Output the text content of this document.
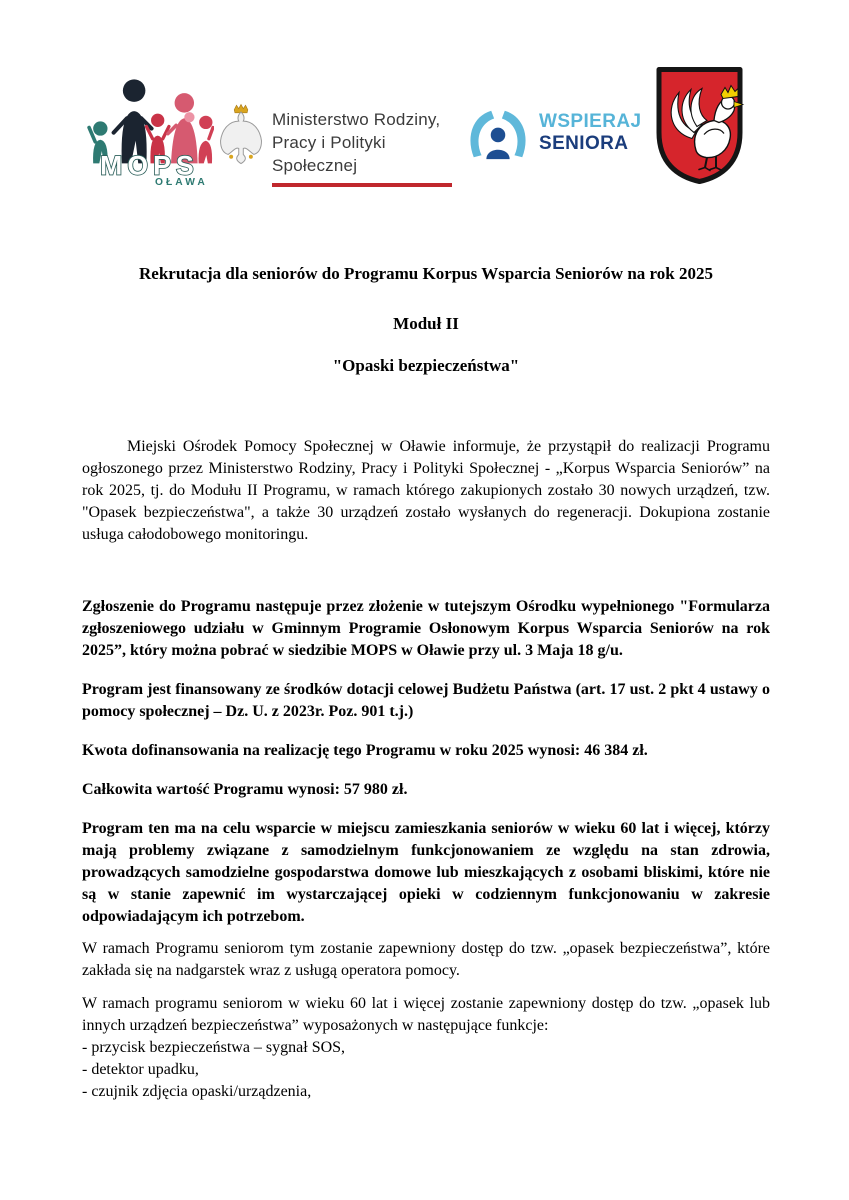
MOPS
OŁAWA
Ministerstwo Rodziny,
Pracy i Polityki Społecznej
WSPIERAJ
SENIORA

Rekrutacja dla seniorów do Programu Korpus Wsparcia Seniorów na rok 2025

Moduł II

"Opaski bezpieczeństwa"

Miejski Ośrodek Pomocy Społecznej w Oławie informuje, że przystąpił do realizacji Programu ogłoszonego przez Ministerstwo Rodziny, Pracy i Polityki Społecznej - „Korpus Wsparcia Seniorów” na rok 2025, tj. do Modułu II Programu, w ramach którego zakupionych zostało 30 nowych urządzeń, tzw. "Opasek bezpieczeństwa", a także 30 urządzeń zostało wysłanych do regeneracji. Dokupiona zostanie usługa całodobowego monitoringu.

Zgłoszenie do Programu następuje przez złożenie w tutejszym Ośrodku wypełnionego "Formularza zgłoszeniowego udziału w Gminnym Programie Osłonowym Korpus Wsparcia Seniorów na rok 2025”, który można pobrać w siedzibie MOPS w Oławie przy ul. 3 Maja 18 g/u.

Program jest finansowany ze środków dotacji celowej Budżetu Państwa (art. 17 ust. 2 pkt 4 ustawy o pomocy społecznej – Dz. U. z 2023r. Poz. 901 t.j.)

Kwota dofinansowania na realizację tego Programu w roku 2025 wynosi: 46 384 zł.

Całkowita wartość Programu wynosi: 57 980 zł.

Program ten ma na celu wsparcie w miejscu zamieszkania seniorów w wieku 60 lat i więcej, którzy mają problemy związane z samodzielnym funkcjonowaniem ze względu na stan zdrowia, prowadzących samodzielne gospodarstwa domowe lub mieszkających z osobami bliskimi, które nie są w stanie zapewnić im wystarczającej opieki w codziennym funkcjonowaniu w zakresie odpowiadającym ich potrzebom.

W ramach Programu seniorom tym zostanie zapewniony dostęp do tzw. „opasek bezpieczeństwa”, które zakłada się na nadgarstek wraz z usługą operatora pomocy.

W ramach programu seniorom w wieku 60 lat i więcej zostanie zapewniony dostęp do tzw. „opasek lub innych urządzeń bezpieczeństwa” wyposażonych w następujące funkcje:

- przycisk bezpieczeństwa – sygnał SOS,
- detektor upadku,
- czujnik zdjęcia opaski/urządzenia,
